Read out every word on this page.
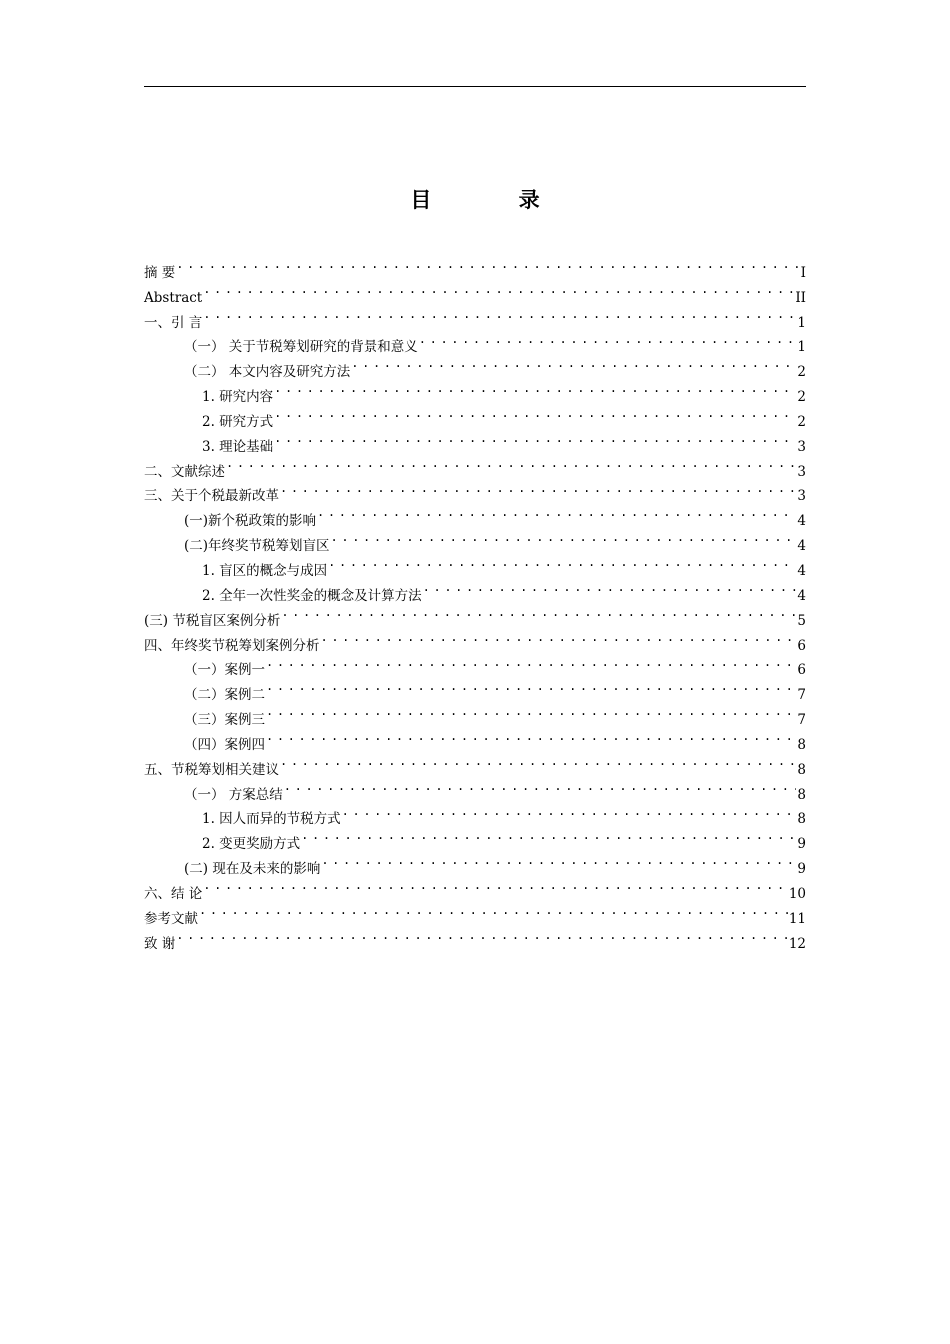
目 录
摘 要 .....	I
Abstract .....	II
一、引 言 .....	1
（一） 关于节税筹划研究的背景和意义 .....	1
（二） 本文内容及研究方法 .....	2
1. 研究内容 .....	2
2. 研究方式 .....	2
3. 理论基础 .....	3
二、文献综述 .....	3
三、关于个税最新改革 .....	3
(一)新个税政策的影响 .....	4
(二)年终奖节税筹划盲区 .....	4
1. 盲区的概念与成因 .....	4
2. 全年一次性奖金的概念及计算方法 .....	4
(三) 节税盲区案例分析 .....	5
四、年终奖节税筹划案例分析 .....	6
（一）案例一 .....	6
（二）案例二 .....	7
（三）案例三 .....	7
（四）案例四 .....	8
五、节税筹划相关建议 .....	8
（一） 方案总结 .....	8
1. 因人而异的节税方式 .....	8
2. 变更奖励方式 .....	9
(二) 现在及未来的影响 .....	9
六、结 论 .....	10
参考文献 .....	11
致 谢 .....	12
